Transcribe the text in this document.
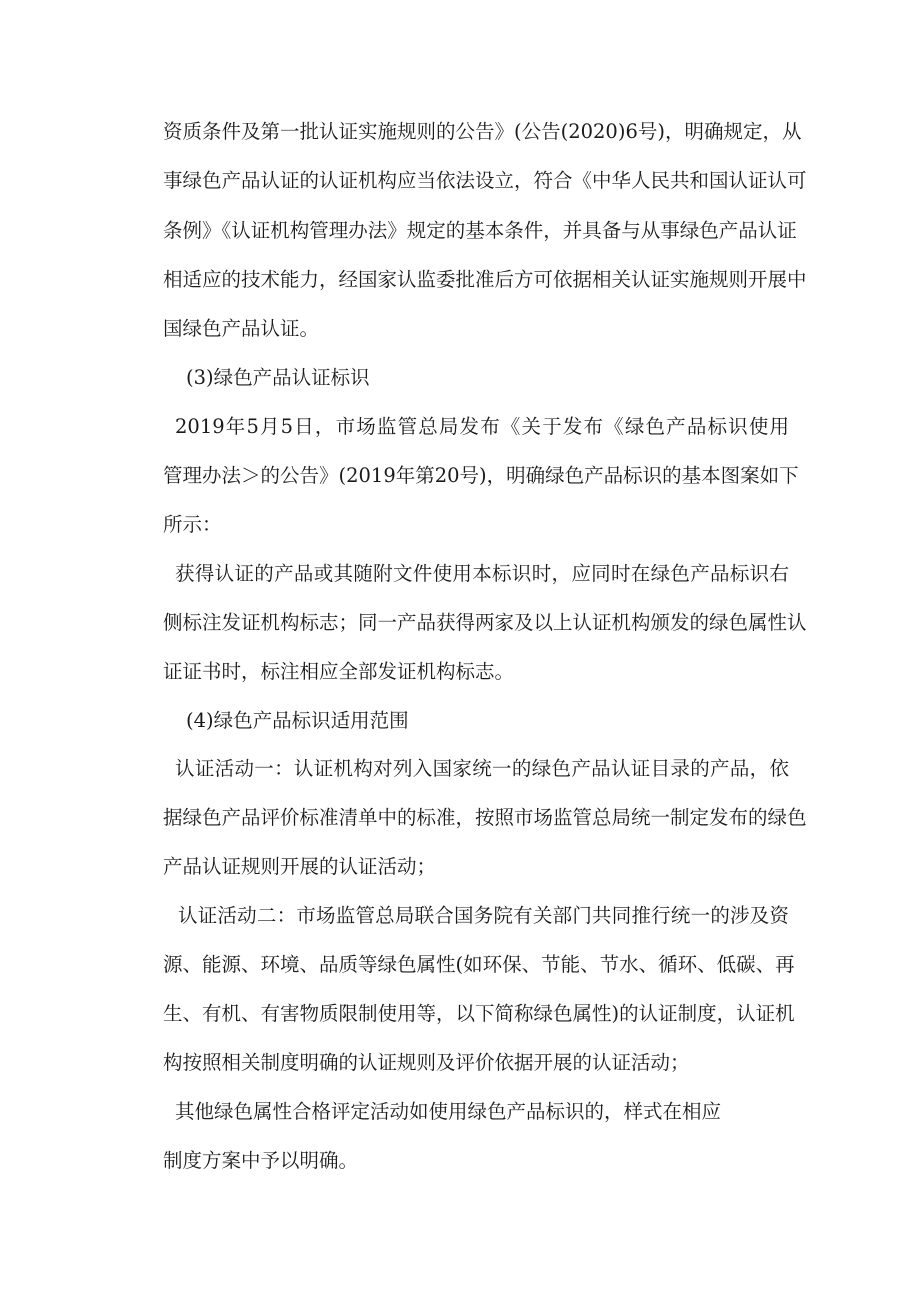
资质条件及第一批认证实施规则的公告》(公告(2020)6号)，明确规定，从
事绿色产品认证的认证机构应当依法设立，符合《中华人民共和国认证认可
条例》《认证机构管理办法》规定的基本条件，并具备与从事绿色产品认证
相适应的技术能力，经国家认监委批准后方可依据相关认证实施规则开展中
国绿色产品认证。
(3)绿色产品认证标识
2019年5月5日，市场监管总局发布《关于发布《绿色产品标识使用
管理办法＞的公告》(2019年第20号)，明确绿色产品标识的基本图案如下
所示：
获得认证的产品或其随附文件使用本标识时，应同时在绿色产品标识右
侧标注发证机构标志；同一产品获得两家及以上认证机构颁发的绿色属性认
证证书时，标注相应全部发证机构标志。
(4)绿色产品标识适用范围
认证活动一：认证机构对列入国家统一的绿色产品认证目录的产品，依
据绿色产品评价标准清单中的标准，按照市场监管总局统一制定发布的绿色
产品认证规则开展的认证活动；
认证活动二：市场监管总局联合国务院有关部门共同推行统一的涉及资
源、能源、环境、品质等绿色属性(如环保、节能、节水、循环、低碳、再
生、有机、有害物质限制使用等，以下简称绿色属性)的认证制度，认证机
构按照相关制度明确的认证规则及评价依据开展的认证活动；
其他绿色属性合格评定活动如使用绿色产品标识的，样式在相应
制度方案中予以明确。
